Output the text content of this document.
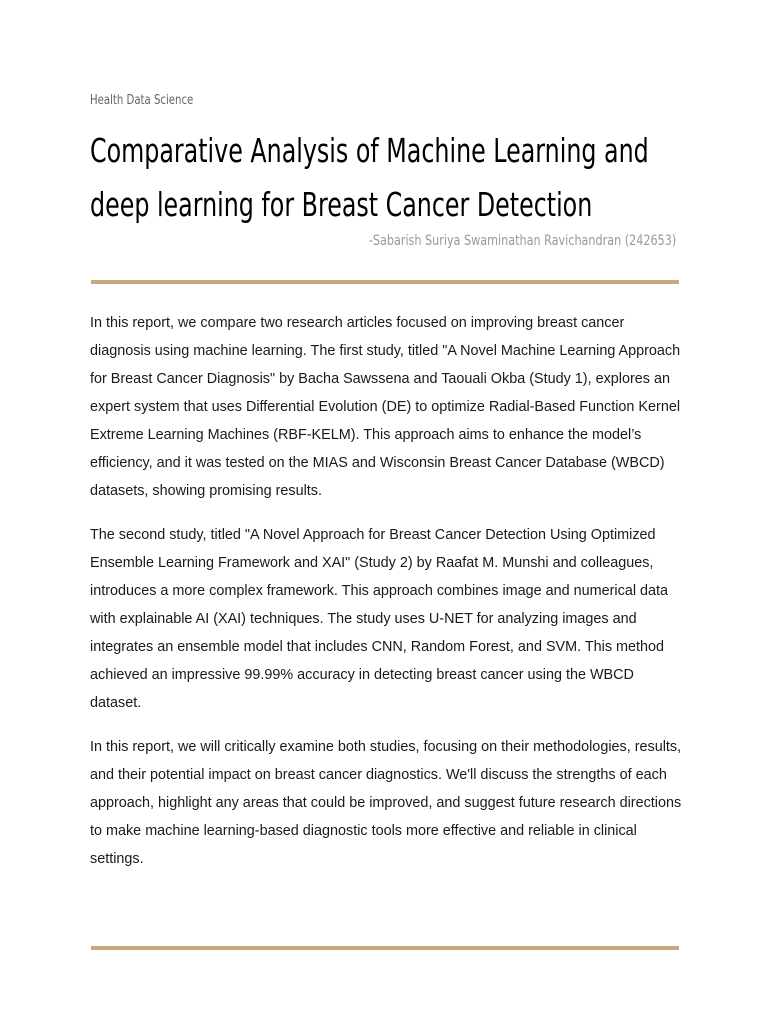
Health Data Science
Comparative Analysis of Machine Learning and deep learning for Breast Cancer Detection
-Sabarish Suriya Swaminathan Ravichandran (242653)

In this report, we compare two research articles focused on improving breast cancer diagnosis using machine learning. The first study, titled "A Novel Machine Learning Approach for Breast Cancer Diagnosis" by Bacha Sawssena and Taouali Okba (Study 1), explores an expert system that uses Differential Evolution (DE) to optimize Radial-Based Function Kernel Extreme Learning Machines (RBF-KELM). This approach aims to enhance the model’s efficiency, and it was tested on the MIAS and Wisconsin Breast Cancer Database (WBCD) datasets, showing promising results.

The second study, titled "A Novel Approach for Breast Cancer Detection Using Optimized Ensemble Learning Framework and XAI" (Study 2) by Raafat M. Munshi and colleagues, introduces a more complex framework. This approach combines image and numerical data with explainable AI (XAI) techniques. The study uses U-NET for analyzing images and integrates an ensemble model that includes CNN, Random Forest, and SVM. This method achieved an impressive 99.99% accuracy in detecting breast cancer using the WBCD dataset.

In this report, we will critically examine both studies, focusing on their methodologies, results, and their potential impact on breast cancer diagnostics. We'll discuss the strengths of each approach, highlight any areas that could be improved, and suggest future research directions to make machine learning-based diagnostic tools more effective and reliable in clinical settings.
